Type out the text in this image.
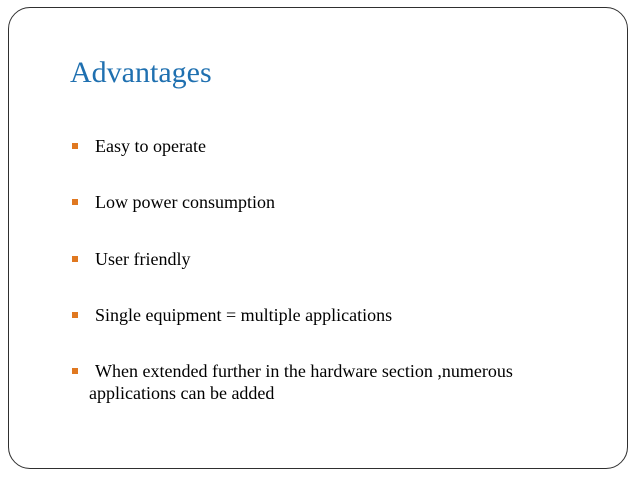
Advantages
Easy to operate
Low power consumption
User friendly
Single equipment = multiple applications
When extended further in the hardware section ,numerous applications can be added
